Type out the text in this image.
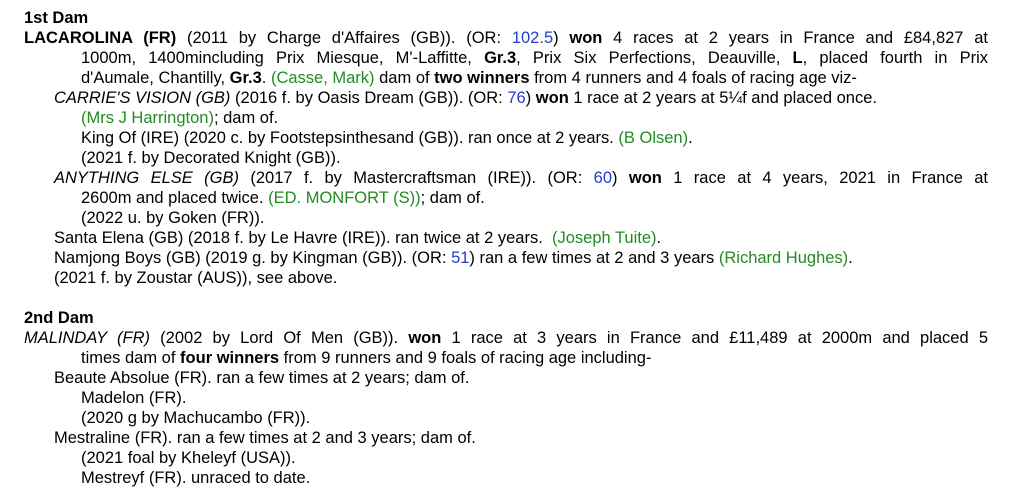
1st Dam
LACAROLINA (FR) (2011 by Charge d'Affaires (GB)). (OR: 102.5) won 4 races at 2 years in France and £84,827 at
1000m, 1400mincluding Prix Miesque, M'-Laffitte, Gr.3, Prix Six Perfections, Deauville, L, placed fourth in Prix
d'Aumale, Chantilly, Gr.3. (Casse, Mark) dam of two winners from 4 runners and 4 foals of racing age viz-
CARRIE'S VISION (GB) (2016 f. by Oasis Dream (GB)). (OR: 76) won 1 race at 2 years at 5¼f and placed once.
(Mrs J Harrington); dam of.
King Of (IRE) (2020 c. by Footstepsinthesand (GB)). ran once at 2 years. (B Olsen).
(2021 f. by Decorated Knight (GB)).
ANYTHING ELSE (GB) (2017 f. by Mastercraftsman (IRE)). (OR: 60) won 1 race at 4 years, 2021 in France at
2600m and placed twice. (ED. MONFORT (S)); dam of.
(2022 u. by Goken (FR)).
Santa Elena (GB) (2018 f. by Le Havre (IRE)). ran twice at 2 years.  (Joseph Tuite).
Namjong Boys (GB) (2019 g. by Kingman (GB)). (OR: 51) ran a few times at 2 and 3 years (Richard Hughes).
(2021 f. by Zoustar (AUS)), see above.
2nd Dam
MALINDAY (FR) (2002 by Lord Of Men (GB)). won 1 race at 3 years in France and £11,489 at 2000m and placed 5
times dam of four winners from 9 runners and 9 foals of racing age including-
Beaute Absolue (FR). ran a few times at 2 years; dam of.
Madelon (FR).
(2020 g by Machucambo (FR)).
Mestraline (FR). ran a few times at 2 and 3 years; dam of.
(2021 foal by Kheleyf (USA)).
Mestreyf (FR). unraced to date.
